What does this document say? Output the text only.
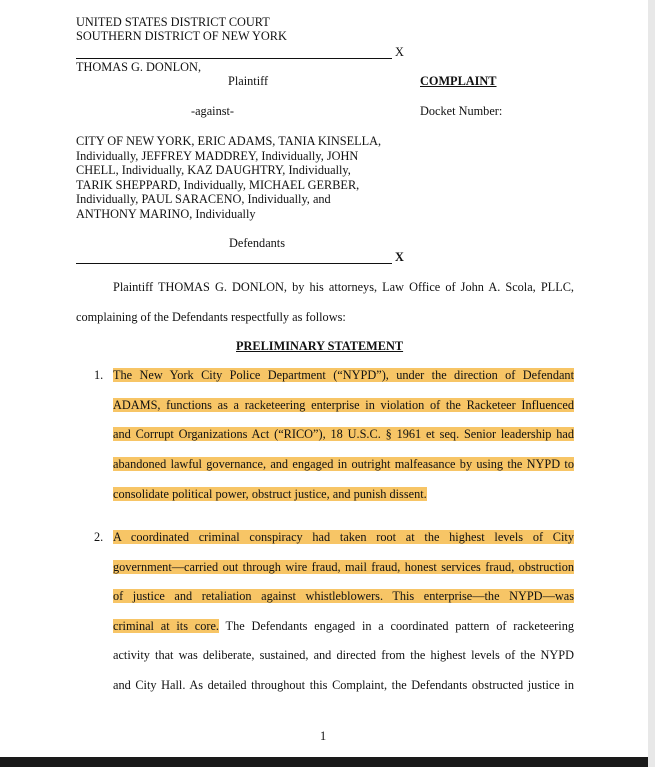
UNITED STATES DISTRICT COURT
SOUTHERN DISTRICT OF NEW YORK
X
THOMAS G. DONLON,
Plaintiff	COMPLAINT
-against-	Docket Number:
CITY OF NEW YORK, ERIC ADAMS, TANIA KINSELLA,
Individually, JEFFREY MADDREY, Individually, JOHN
CHELL, Individually, KAZ DAUGHTRY, Individually,
TARIK SHEPPARD, Individually, MICHAEL GERBER,
Individually, PAUL SARACENO, Individually, and
ANTHONY MARINO, Individually
Defendants
X
Plaintiff THOMAS G. DONLON, by his attorneys, Law Office of John A. Scola, PLLC,
complaining of the Defendants respectfully as follows:
PRELIMINARY STATEMENT
1. The New York City Police Department (“NYPD”), under the direction of Defendant
ADAMS, functions as a racketeering enterprise in violation of the Racketeer Influenced
and Corrupt Organizations Act (“RICO”), 18 U.S.C. § 1961 et seq. Senior leadership had
abandoned lawful governance, and engaged in outright malfeasance by using the NYPD to
consolidate political power, obstruct justice, and punish dissent.
2. A coordinated criminal conspiracy had taken root at the highest levels of City
government—carried out through wire fraud, mail fraud, honest services fraud, obstruction
of justice and retaliation against whistleblowers. This enterprise—the NYPD—was
criminal at its core. The Defendants engaged in a coordinated pattern of racketeering
activity that was deliberate, sustained, and directed from the highest levels of the NYPD
and City Hall. As detailed throughout this Complaint, the Defendants obstructed justice in
1
